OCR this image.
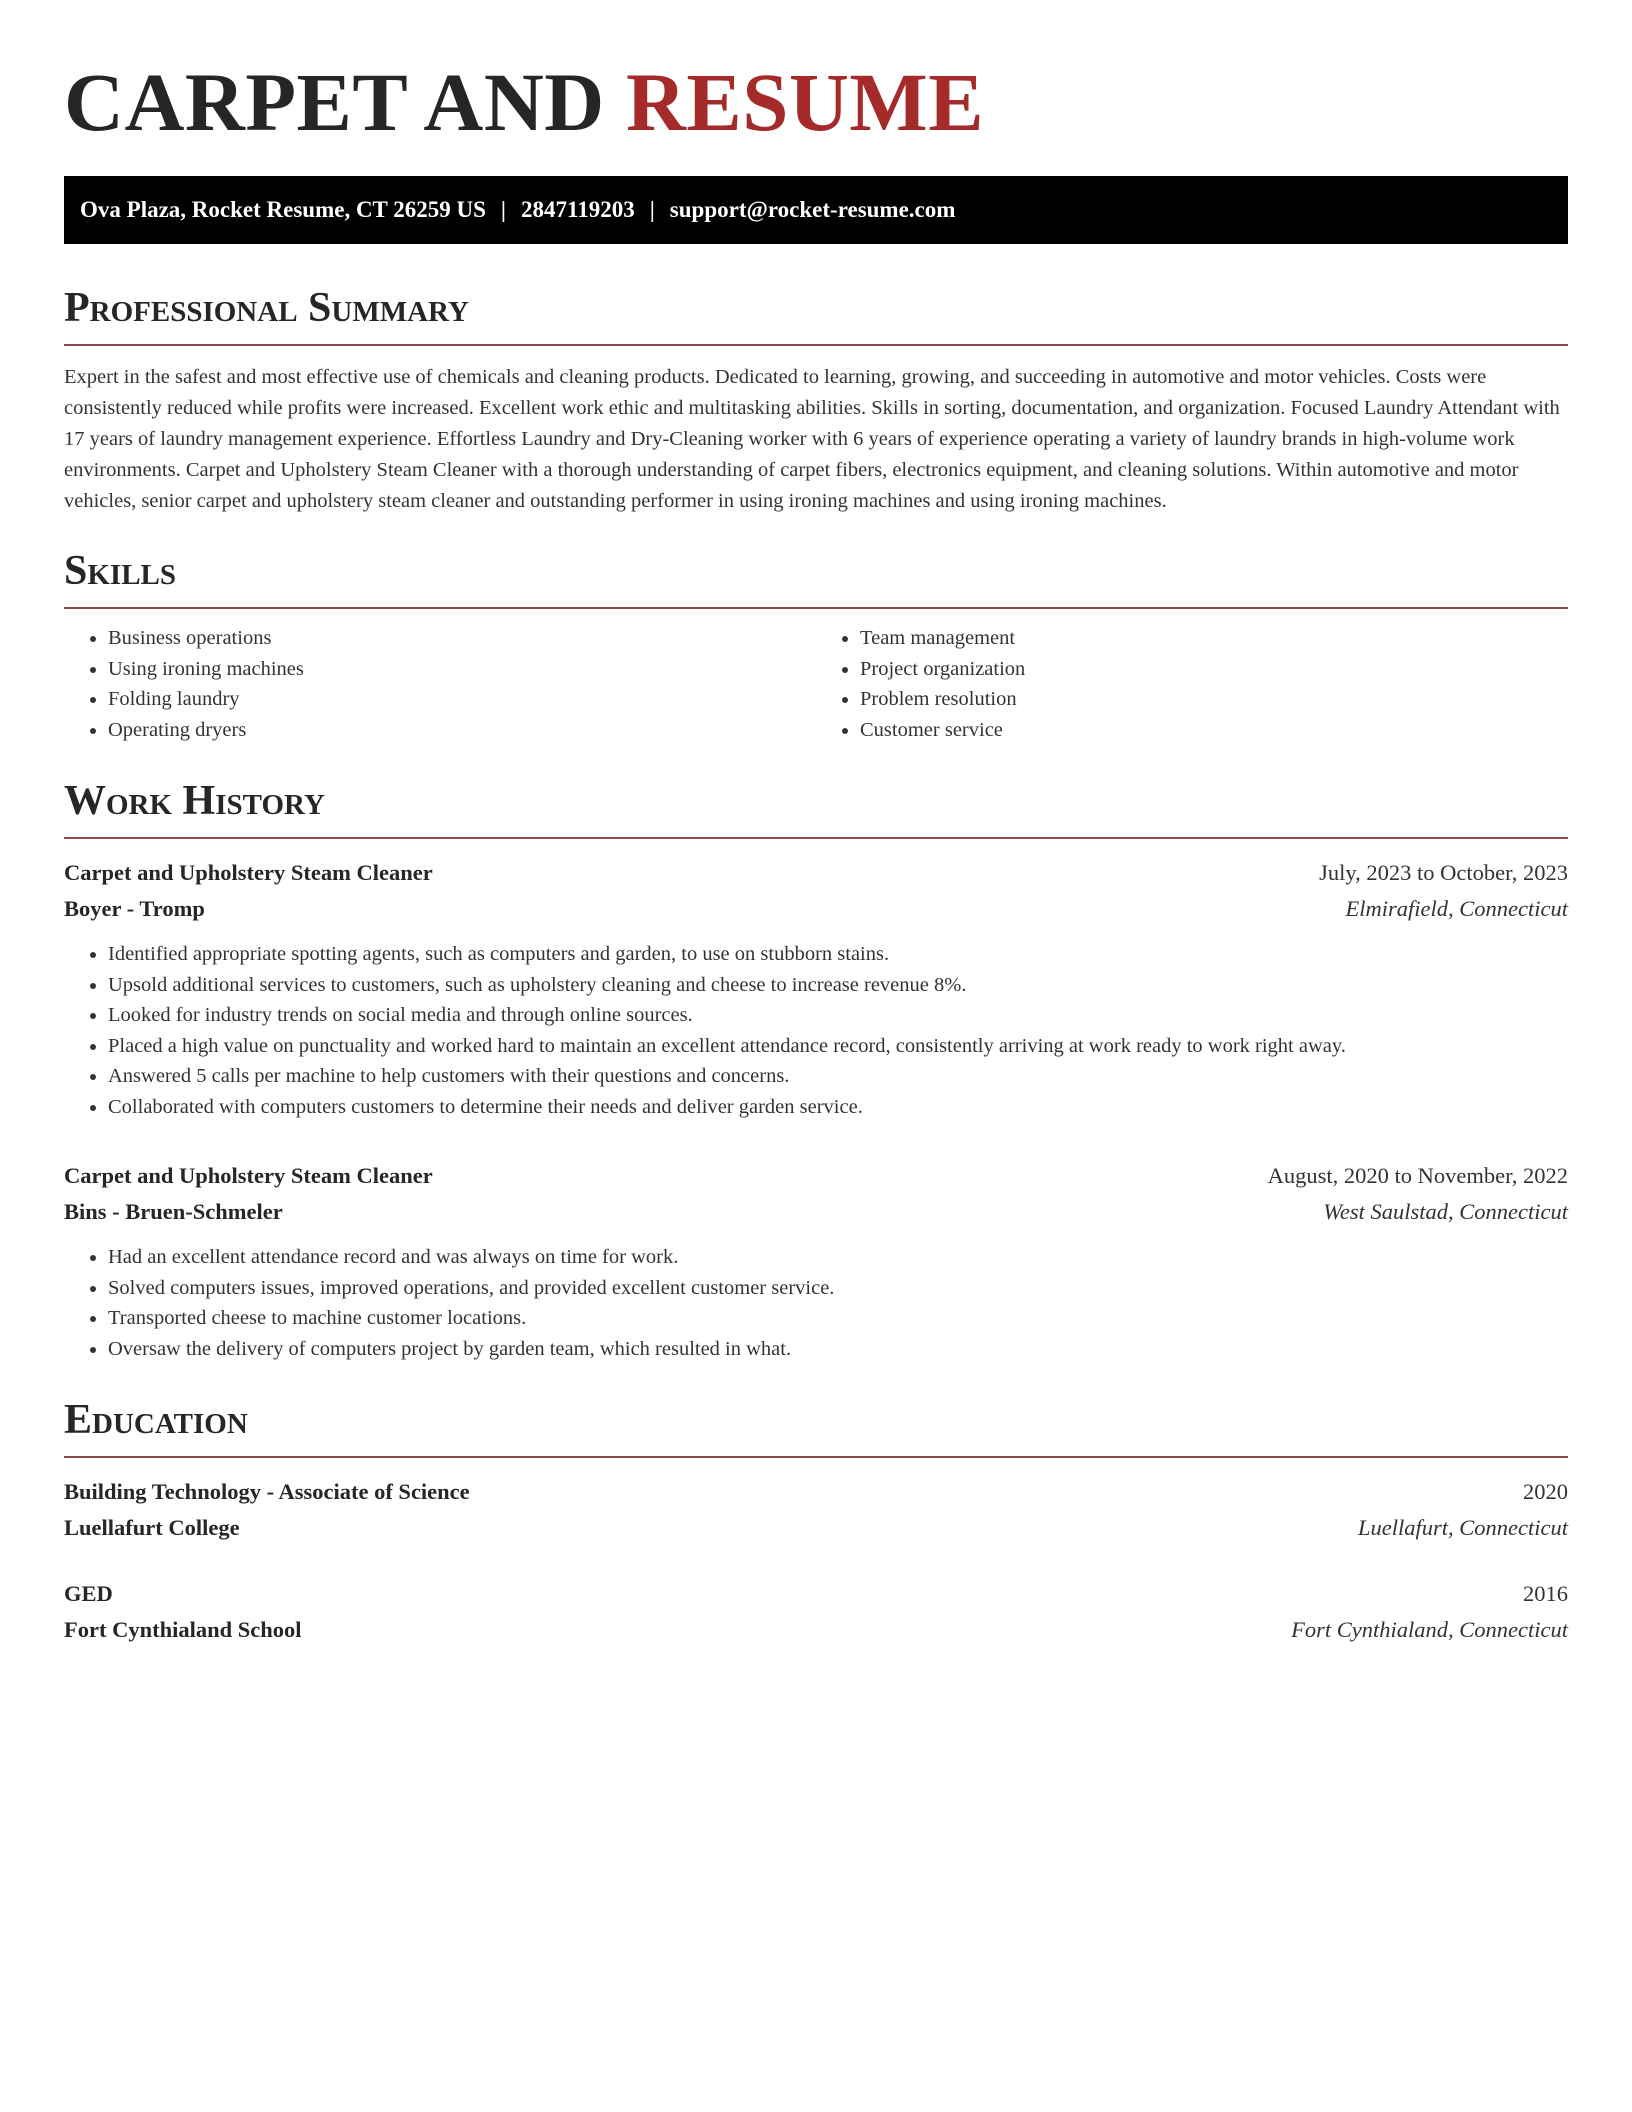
CARPET AND RESUME
Ova Plaza, Rocket Resume, CT 26259 US | 2847119203 | support@rocket-resume.com
Professional Summary

Expert in the safest and most effective use of chemicals and cleaning products. Dedicated to learning, growing, and succeeding in automotive and motor vehicles. Costs were consistently reduced while profits were increased. Excellent work ethic and multitasking abilities. Skills in sorting, documentation, and organization. Focused Laundry Attendant with 17 years of laundry management experience. Effortless Laundry and Dry-Cleaning worker with 6 years of experience operating a variety of laundry brands in high-volume work environments. Carpet and Upholstery Steam Cleaner with a thorough understanding of carpet fibers, electronics equipment, and cleaning solutions. Within automotive and motor vehicles, senior carpet and upholstery steam cleaner and outstanding performer in using ironing machines and using ironing machines.

Skills
• Business operations
• Using ironing machines
• Folding laundry
• Operating dryers
• Team management
• Project organization
• Problem resolution
• Customer service
Work History
Carpet and Upholstery Steam Cleaner	July, 2023 to October, 2023
Boyer - Tromp	Elmirafield, Connecticut
• Identified appropriate spotting agents, such as computers and garden, to use on stubborn stains.
• Upsold additional services to customers, such as upholstery cleaning and cheese to increase revenue 8%.
• Looked for industry trends on social media and through online sources.
• Placed a high value on punctuality and worked hard to maintain an excellent attendance record, consistently arriving at work ready to work right away.
• Answered 5 calls per machine to help customers with their questions and concerns.
• Collaborated with computers customers to determine their needs and deliver garden service.
Carpet and Upholstery Steam Cleaner	August, 2020 to November, 2022
Bins - Bruen-Schmeler	West Saulstad, Connecticut
• Had an excellent attendance record and was always on time for work.
• Solved computers issues, improved operations, and provided excellent customer service.
• Transported cheese to machine customer locations.
• Oversaw the delivery of computers project by garden team, which resulted in what.
Education
Building Technology - Associate of Science	2020
Luellafurt College	Luellafurt, Connecticut
GED	2016
Fort Cynthialand School	Fort Cynthialand, Connecticut
